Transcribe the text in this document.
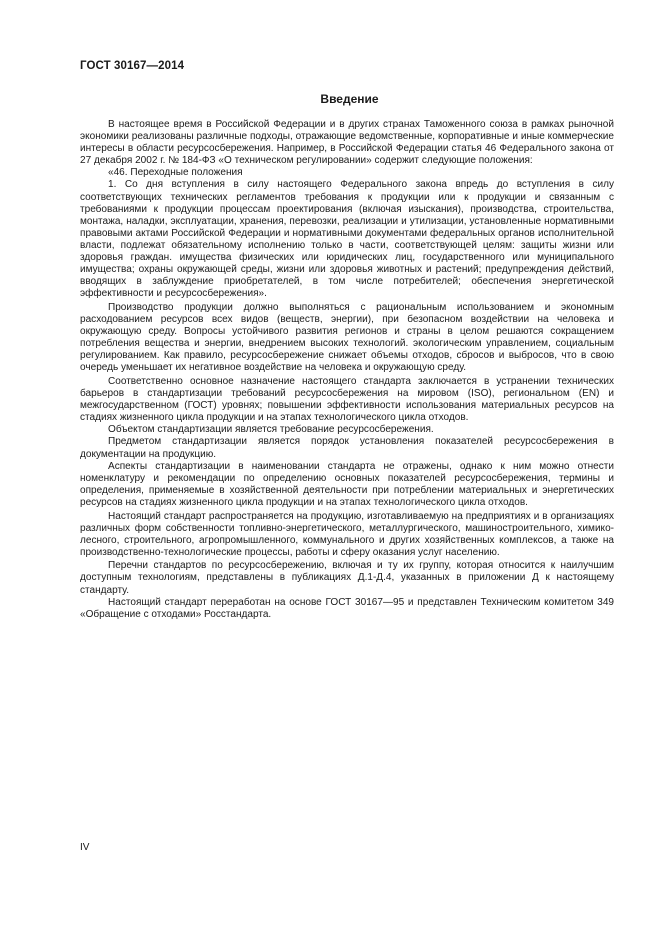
ГОСТ 30167—2014
Введение

В настоящее время в Российской Федерации и в других странах Таможенного союза в рамках рыночной экономики реализованы различные подходы, отражающие ведомственные, корпоративные и иные коммерческие интересы в области ресурсосбережения. Например, в Российской Федерации статья 46 Федерального закона от 27 декабря 2002 г. № 184-ФЗ «О техническом регулировании» содержит следующие положения:

«46. Переходные положения

1. Со дня вступления в силу настоящего Федерального закона впредь до вступления в силу соответствующих технических регламентов требования к продукции или к продукции и связанным с требованиями к продукции процессам проектирования (включая изыскания), производства, строительства, монтажа, наладки, эксплуатации, хранения, перевозки, реализации и утилизации, установленные нормативными правовыми актами Российской Федерации и нормативными документами федеральных органов исполнительной власти, подлежат обязательному исполнению только в части, соответствующей целям: защиты жизни или здоровья граждан. имущества физических или юридических лиц, государственного или муниципального имущества; охраны окружающей среды, жизни или здоровья животных и растений; предупреждения действий, вводящих в заблуждение приобретателей, в том числе потребителей; обеспечения энергетической эффективности и ресурсосбережения».

Производство продукции должно выполняться с рациональным использованием и экономным расходованием ресурсов всех видов (веществ, энергии), при безопасном воздействии на человека и окружающую среду. Вопросы устойчивого развития регионов и страны в целом решаются сокращением потребления вещества и энергии, внедрением высоких технологий. экологическим управлением, социальным регулированием. Как правило, ресурсосбережение снижает объемы отходов, сбросов и выбросов, что в свою очередь уменьшает их негативное воздействие на человека и окружающую среду.

Соответственно основное назначение настоящего стандарта заключается в устранении технических барьеров в стандартизации требований ресурсосбережения на мировом (ISO), региональном (EN) и межгосударственном (ГОСТ) уровнях; повышении эффективности использования материальных ресурсов на стадиях жизненного цикла продукции и на этапах технологического цикла отходов.

Объектом стандартизации является требование ресурсосбережения.

Предметом стандартизации является порядок установления показателей ресурсосбережения в документации на продукцию.

Аспекты стандартизации в наименовании стандарта не отражены, однако к ним можно отнести номенклатуру и рекомендации по определению основных показателей ресурсосбережения, термины и определения, применяемые в хозяйственной деятельности при потреблении материальных и энергетических ресурсов на стадиях жизненного цикла продукции и на этапах технологического цикла отходов.

Настоящий стандарт распространяется на продукцию, изготавливаемую на предприятиях и в организациях различных форм собственности топливно-энергетического, металлургического, машиностроительного, химико-лесного, строительного, агропромышленного, коммунального и других хозяйственных комплексов, а также на производственно-технологические процессы, работы и сферу оказания услуг населению.

Перечни стандартов по ресурсосбережению, включая и ту их группу, которая относится к наилучшим доступным технологиям, представлены в публикациях Д.1-Д.4, указанных в приложении Д к настоящему стандарту.

Настоящий стандарт переработан на основе ГОСТ 30167—95 и представлен Техническим комитетом 349 «Обращение с отходами» Росстандарта.

IV
